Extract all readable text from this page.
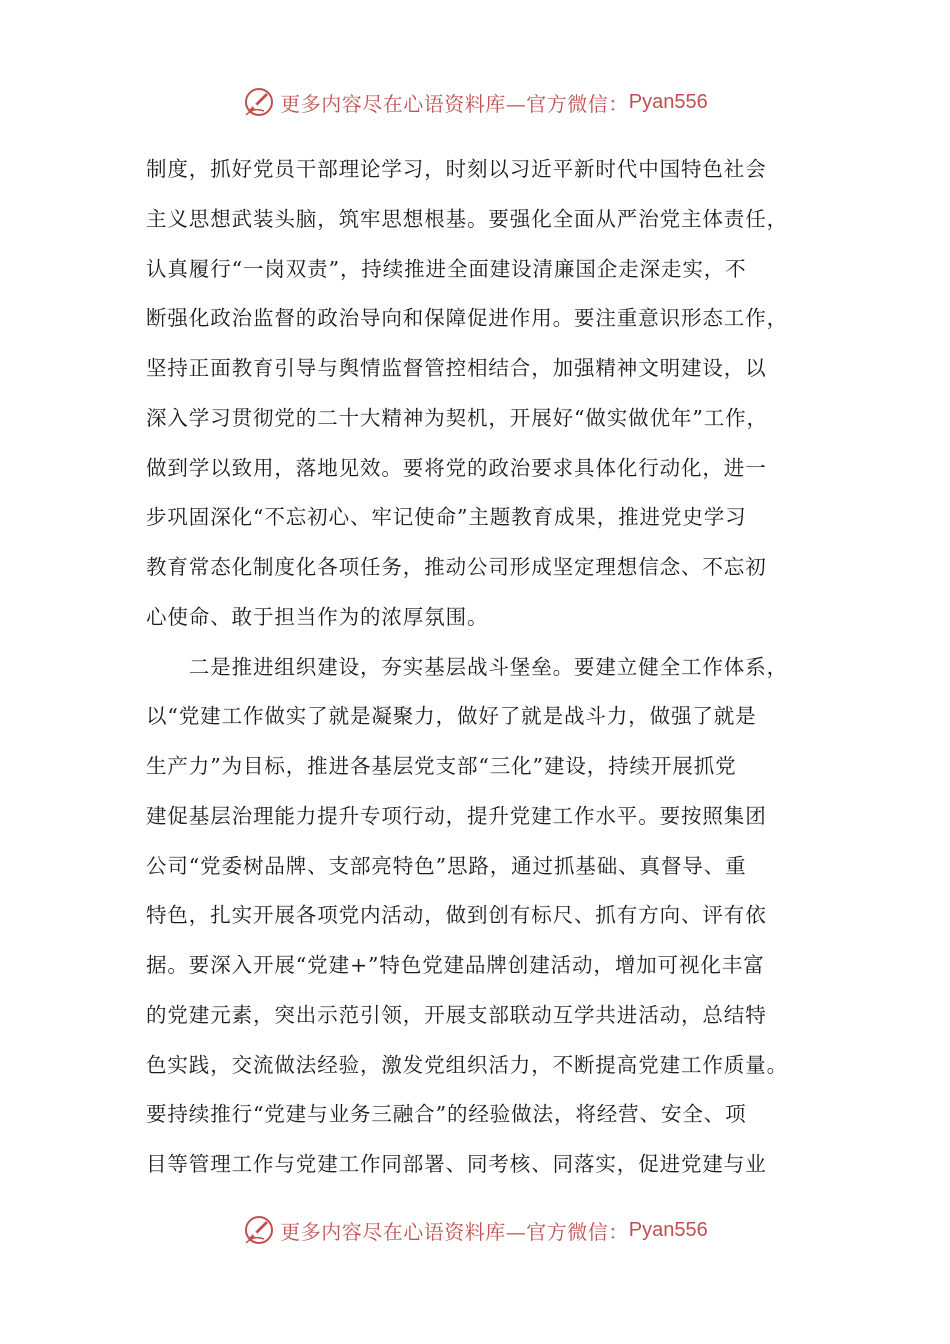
更多内容尽在心语资料库—官方微信： Pyan556
制度，抓好党员干部理论学习，时刻以习近平新时代中国特色社会
主义思想武装头脑，筑牢思想根基。要强化全面从严治党主体责任，
认真履行“一岗双责”，持续推进全面建设清廉国企走深走实，不
断强化政治监督的政治导向和保障促进作用。要注重意识形态工作，
坚持正面教育引导与舆情监督管控相结合，加强精神文明建设，以
深入学习贯彻党的二十大精神为契机，开展好“做实做优年”工作，
做到学以致用，落地见效。要将党的政治要求具体化行动化，进一
步巩固深化“不忘初心、牢记使命”主题教育成果，推进党史学习
教育常态化制度化各项任务，推动公司形成坚定理想信念、不忘初
心使命、敢于担当作为的浓厚氛围。
　　二是推进组织建设，夯实基层战斗堡垒。要建立健全工作体系，
以“党建工作做实了就是凝聚力，做好了就是战斗力，做强了就是
生产力”为目标，推进各基层党支部“三化”建设，持续开展抓党
建促基层治理能力提升专项行动，提升党建工作水平。要按照集团
公司“党委树品牌、支部亮特色”思路，通过抓基础、真督导、重
特色，扎实开展各项党内活动，做到创有标尺、抓有方向、评有依
据。要深入开展“党建+”特色党建品牌创建活动，增加可视化丰富
的党建元素，突出示范引领，开展支部联动互学共进活动，总结特
色实践，交流做法经验，激发党组织活力，不断提高党建工作质量。
要持续推行“党建与业务三融合”的经验做法，将经营、安全、项
目等管理工作与党建工作同部署、同考核、同落实，促进党建与业
更多内容尽在心语资料库—官方微信： Pyan556
